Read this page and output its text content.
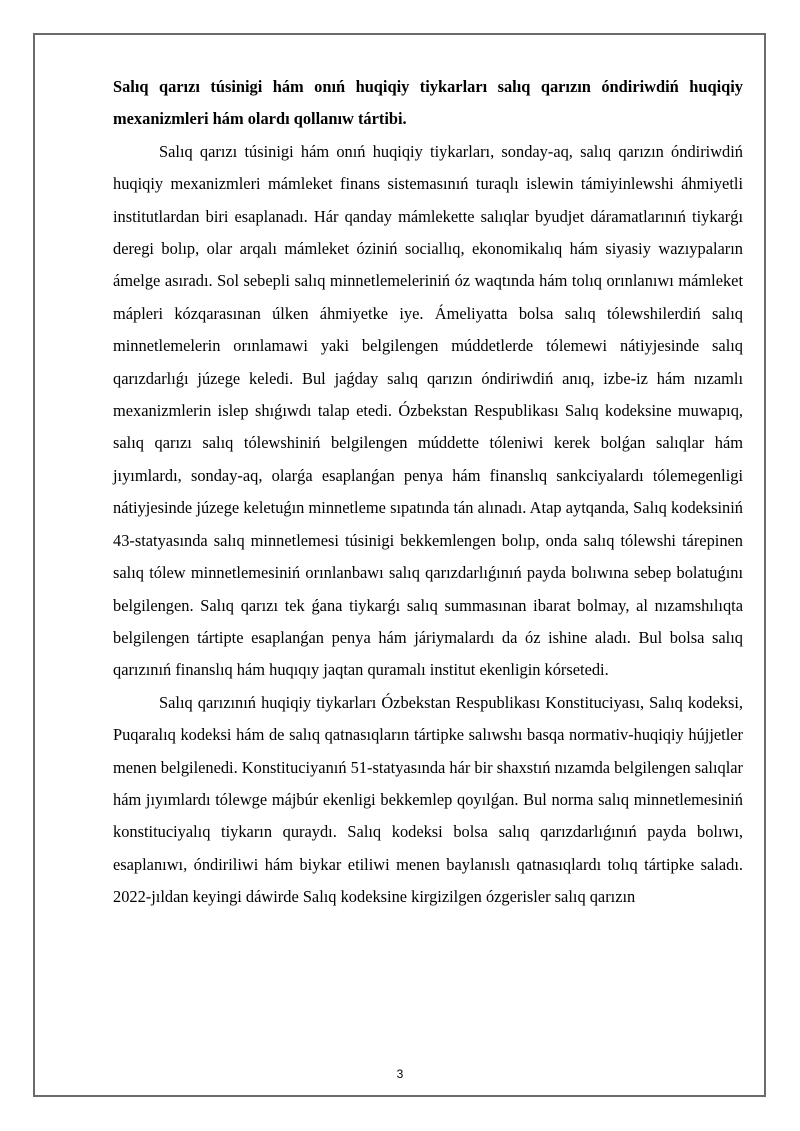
Salıq qarızı túsinigi hám onıń huqiqiy tiykarları salıq qarızın óndiriwdiń huqiqiy mexanizmleri hám olardı qollanıw tártibi.

Salıq qarızı túsinigi hám onıń huqiqiy tiykarları, sonday-aq, salıq qarızın óndiriwdiń huqiqiy mexanizmleri mámleket finans sistemasınıń turaqlı islewin támiyinlewshi áhmiyetli institutlardan biri esaplanadı. Hár qanday mámlekette salıqlar byudjet dáramatlarınıń tiykarǵı deregi bolıp, olar arqalı mámleket óziniń sociallıq, ekonomikalıq hám siyasiy wazıypaların ámelge asıradı. Sol sebepli salıq minnetlemeleriniń óz waqtında hám tolıq orınlanıwı mámleket mápleri kózqarasınan úlken áhmiyetke iye. Ámeliyatta bolsa salıq tólewshilerdiń salıq minnetlemelerin orınlamawi yaki belgilengen múddetlerde tólemewi nátiyjesinde salıq qarızdarlıǵı júzege keledi. Bul jaǵday salıq qarızın óndiriwdiń anıq, izbe-iz hám nızamlı mexanizmlerin islep shıǵıwdı talap etedi. Ózbekstan Respublikası Salıq kodeksine muwapıq, salıq qarızı salıq tólewshiniń belgilengen múddette tóleniwi kerek bolǵan salıqlar hám jıyımlardı, sonday-aq, olarǵa esaplanǵan penya hám finanslıq sankciyalardı tólemegenligi nátiyjesinde júzege keletuǵın minnetleme sıpatında tán alınadı. Atap aytqanda, Salıq kodeksiniń 43-statyasında salıq minnetlemesi túsinigi bekkemlengen bolıp, onda salıq tólewshi tárepinen salıq tólew minnetlemesiniń orınlanbawı salıq qarızdarlıǵınıń payda bolıwına sebep bolatuǵını belgilengen. Salıq qarızı tek ǵana tiykarǵı salıq summasınan ibarat bolmay, al nızamshılıqta belgilengen tártipte esaplanǵan penya hám járiymalardı da óz ishine aladı. Bul bolsa salıq qarızınıń finanslıq hám huqıqıy jaqtan quramalı institut ekenligin kórsetedi.

Salıq qarızınıń huqiqiy tiykarları Ózbekstan Respublikası Konstituciyası, Salıq kodeksi, Puqaralıq kodeksi hám de salıq qatnasıqların tártipke salıwshı basqa normativ-huqiqiy hújjetler menen belgilenedi. Konstituciyanıń 51-statyasında hár bir shaxstıń nızamda belgilengen salıqlar hám jıyımlardı tólewge májbúr ekenligi bekkemlep qoyılǵan. Bul norma salıq minnetlemesiniń konstituciyalıq tiykarın quraydı. Salıq kodeksi bolsa salıq qarızdarlıǵınıń payda bolıwı, esaplanıwı, óndiriliwi hám biykar etiliwi menen baylanıslı qatnasıqlardı tolıq tártipke saladı. 2022-jıldan keyingi dáwirde Salıq kodeksine kirgizilgen ózgerisler salıq qarızın

3
